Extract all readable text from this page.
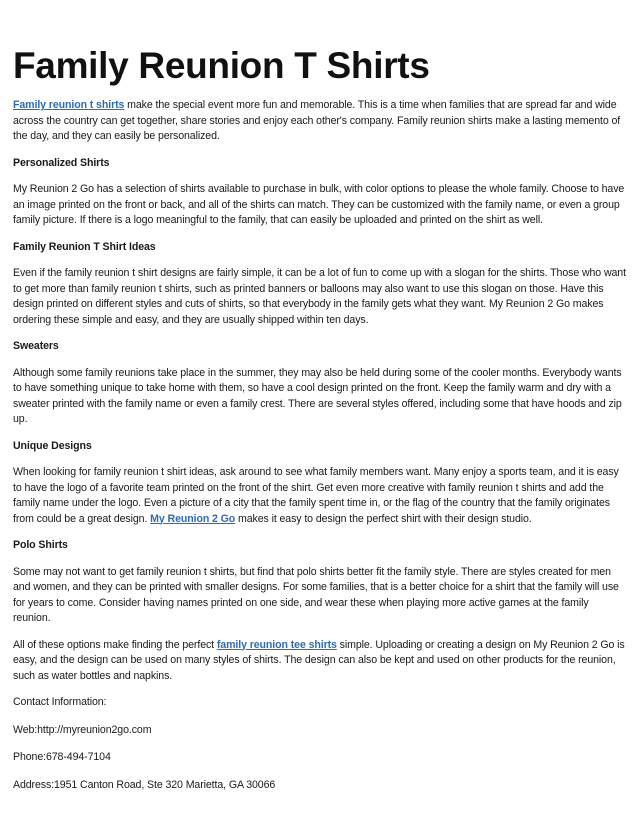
Family Reunion T Shirts

Family reunion t shirts make the special event more fun and memorable. This is a time when families that are spread far and wide across the country can get together, share stories and enjoy each other's company. Family reunion shirts make a lasting memento of the day, and they can easily be personalized.

Personalized Shirts

My Reunion 2 Go has a selection of shirts available to purchase in bulk, with color options to please the whole family. Choose to have an image printed on the front or back, and all of the shirts can match. They can be customized with the family name, or even a group family picture. If there is a logo meaningful to the family, that can easily be uploaded and printed on the shirt as well.

Family Reunion T Shirt Ideas

Even if the family reunion t shirt designs are fairly simple, it can be a lot of fun to come up with a slogan for the shirts. Those who want to get more than family reunion t shirts, such as printed banners or balloons may also want to use this slogan on those. Have this design printed on different styles and cuts of shirts, so that everybody in the family gets what they want. My Reunion 2 Go makes ordering these simple and easy, and they are usually shipped within ten days.

Sweaters

Although some family reunions take place in the summer, they may also be held during some of the cooler months. Everybody wants to have something unique to take home with them, so have a cool design printed on the front. Keep the family warm and dry with a sweater printed with the family name or even a family crest. There are several styles offered, including some that have hoods and zip up.

Unique Designs

When looking for family reunion t shirt ideas, ask around to see what family members want. Many enjoy a sports team, and it is easy to have the logo of a favorite team printed on the front of the shirt. Get even more creative with family reunion t shirts and add the family name under the logo. Even a picture of a city that the family spent time in, or the flag of the country that the family originates from could be a great design. My Reunion 2 Go makes it easy to design the perfect shirt with their design studio.

Polo Shirts

Some may not want to get family reunion t shirts, but find that polo shirts better fit the family style. There are styles created for men and women, and they can be printed with smaller designs. For some families, that is a better choice for a shirt that the family will use for years to come. Consider having names printed on one side, and wear these when playing more active games at the family reunion.

All of these options make finding the perfect family reunion tee shirts simple. Uploading or creating a design on My Reunion 2 Go is easy, and the design can be used on many styles of shirts. The design can also be kept and used on other products for the reunion, such as water bottles and napkins.

Contact Information:

Web:http://myreunion2go.com

Phone:678-494-7104

Address:1951 Canton Road, Ste 320 Marietta, GA 30066
